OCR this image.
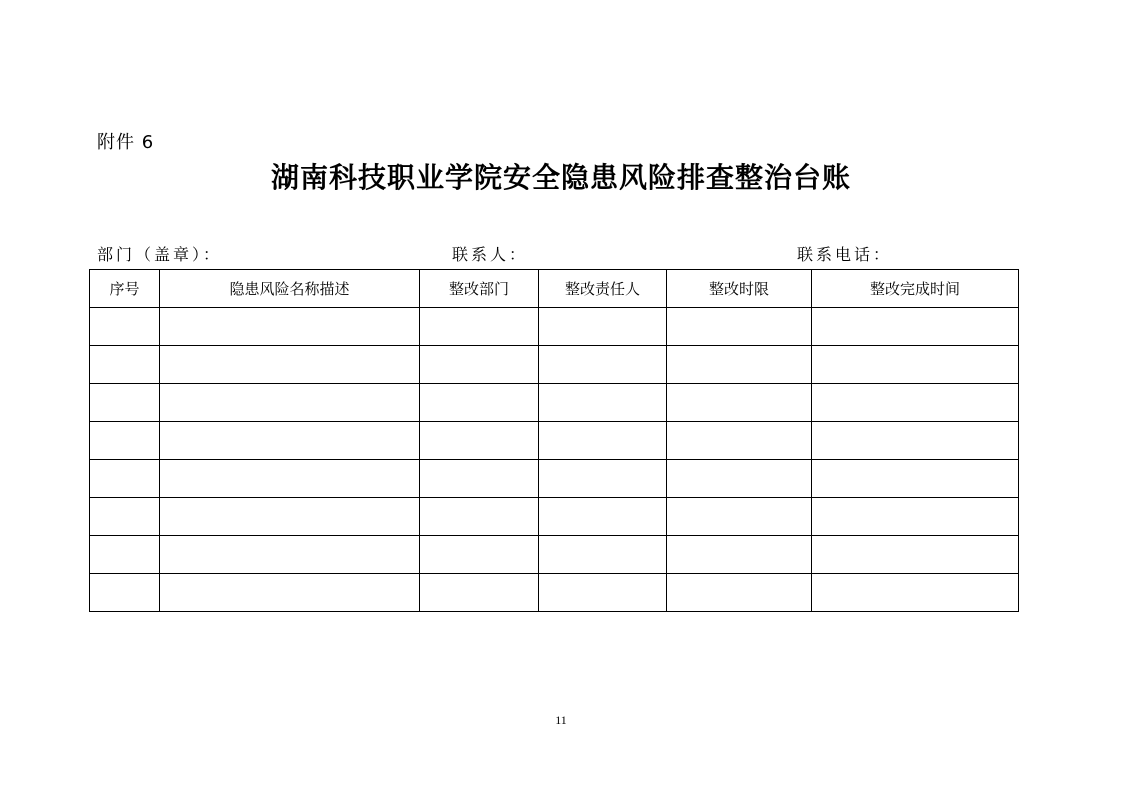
附件 6
湖南科技职业学院安全隐患风险排查整治台账
部门（盖章）：	联系人：	联系电话：
序号	隐患风险名称描述	整改部门	整改责任人	整改时限	整改完成时间

11
